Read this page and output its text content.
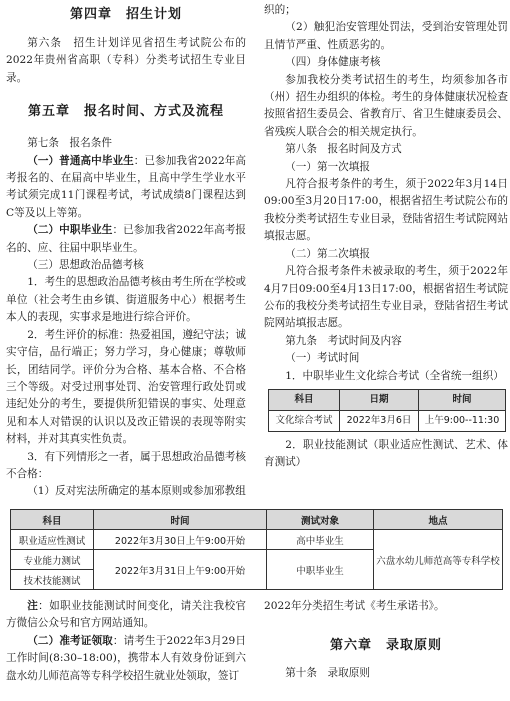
第四章 招生计划

第六条　招生计划详见省招生考试院公布的2022年贵州省高职（专科）分类考试招生专业目录。

第五章 报名时间、方式及流程

第七条　报名条件

（一）普通高中毕业生：已参加我省2022年高考报名的、在届高中毕业生，且高中学生学业水平考试须完成11门课程考试，考试成绩8门课程达到C等及以上等第。

（二）中职毕业生：已参加我省2022年高考报名的、应、往届中职毕业生。

（三）思想政治品德考核

1．考生的思想政治品德考核由考生所在学校或单位（社会考生由乡镇、街道服务中心）根据考生本人的表现，实事求是地进行综合评价。

2．考生评价的标准：热爱祖国，遵纪守法；诚实守信，品行端正；努力学习，身心健康；尊敬师长，团结同学。评价分为合格、基本合格、不合格三个等级。对受过刑事处罚、治安管理行政处罚或违纪处分的考生，要提供所犯错误的事实、处理意见和本人对错误的认识以及改正错误的表现等附实材料，并对其真实性负责。

3．有下列情形之一者，属于思想政治品德考核不合格：

（1）反对宪法所确定的基本原则或参加邪教组

织的；

（2）触犯治安管理处罚法，受到治安管理处罚且情节严重、性质恶劣的。

（四）身体健康考核

参加我校分类考试招生的考生，均须参加各市（州）招生办组织的体检。考生的身体健康状况检查按照省招生委员会、省教育厅、省卫生健康委员会、省残疾人联合会的相关规定执行。

第八条　报名时间及方式

（一）第一次填报

凡符合报考条件的考生，须于2022年3月14日09:00至3月20日17:00，根据省招生考试院公布的我校分类考试招生专业目录，登陆省招生考试院网站填报志愿。

（二）第二次填报

凡符合报考条件未被录取的考生，须于2022年4月7日09:00至4月13日17:00，根据省招生考试院公布的我校分类考试招生专业目录，登陆省招生考试院网站填报志愿。

第九条　考试时间及内容

（一）考试时间

1．中职毕业生文化综合考试（全省统一组织）

科目	日期	时间
文化综合考试	2022年3月6日	上午9:00--11:30

2．职业技能测试（职业适应性测试、艺术、体育测试）

科目	时间	测试对象	地点
职业适应性测试	2022年3月30日上午9:00开始	高中毕业生	六盘水幼儿师范高等专科学校
专业能力测试	2022年3月31日上午9:00开始	中职毕业生	
技术技能测试			

注：如职业技能测试时间变化，请关注我校官方微信公众号和官方网站通知。

（二）准考证领取：请考生于2022年3月29日工作时间(8:30–18:00)，携带本人有效身份证到六盘水幼儿师范高等专科学校招生就业处领取，签订

2022年分类招生考试《考生承诺书》。

第六章 录取原则

第十条　录取原则
